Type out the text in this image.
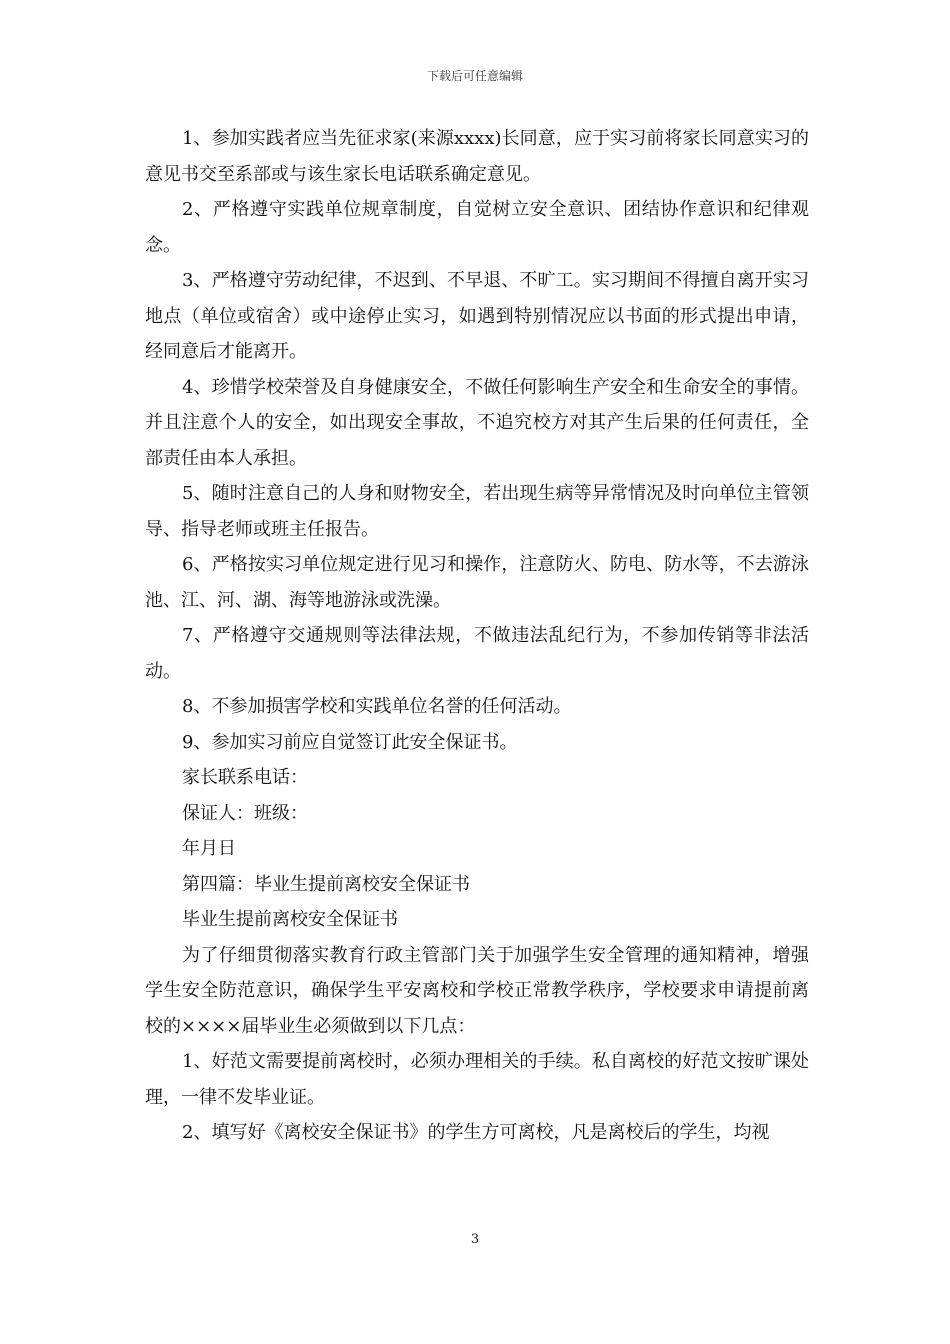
下载后可任意编辑

1、参加实践者应当先征求家(来源xxxx)长同意，应于实习前将家长同意实习的意见书交至系部或与该生家长电话联系确定意见。

2、严格遵守实践单位规章制度，自觉树立安全意识、团结协作意识和纪律观念。

3、严格遵守劳动纪律，不迟到、不早退、不旷工。实习期间不得擅自离开实习地点（单位或宿舍）或中途停止实习，如遇到特别情况应以书面的形式提出申请，经同意后才能离开。

4、珍惜学校荣誉及自身健康安全，不做任何影响生产安全和生命安全的事情。并且注意个人的安全，如出现安全事故，不追究校方对其产生后果的任何责任，全部责任由本人承担。

5、随时注意自己的人身和财物安全，若出现生病等异常情况及时向单位主管领导、指导老师或班主任报告。

6、严格按实习单位规定进行见习和操作，注意防火、防电、防水等，不去游泳池、江、河、湖、海等地游泳或洗澡。

7、严格遵守交通规则等法律法规，不做违法乱纪行为，不参加传销等非法活动。

8、不参加损害学校和实践单位名誉的任何活动。

9、参加实习前应自觉签订此安全保证书。

家长联系电话：

保证人：班级：

年月日

第四篇：毕业生提前离校安全保证书

毕业生提前离校安全保证书

为了仔细贯彻落实教育行政主管部门关于加强学生安全管理的通知精神，增强学生安全防范意识，确保学生平安离校和学校正常教学秩序，学校要求申请提前离校的××××届毕业生必须做到以下几点：

1、好范文需要提前离校时，必须办理相关的手续。私自离校的好范文按旷课处理，一律不发毕业证。

2、填写好《离校安全保证书》的学生方可离校，凡是离校后的学生，均视

3
